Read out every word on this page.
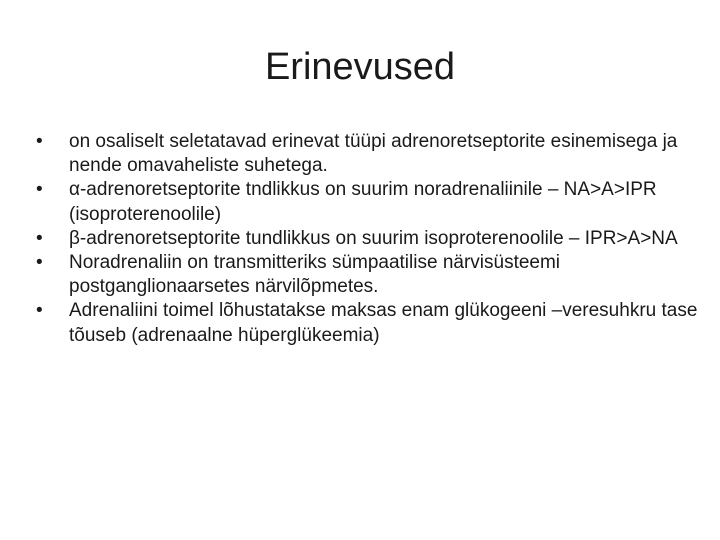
Erinevused
•	on osaliselt seletatavad erinevat tüüpi adrenoretseptorite esinemisega ja nende omavaheliste suhetega.
•	α-adrenoretseptorite tndlikkus on suurim noradrenaliinile – NA>A>IPR (isoproterenoolile)
•	β-adrenoretseptorite tundlikkus on suurim isoproterenoolile – IPR>A>NA
•	Noradrenaliin on transmitteriks sümpaatilise närvisüsteemi postganglionaarsetes närvilõpmetes.
•	Adrenaliini toimel lõhustatakse maksas enam glükogeeni –veresuhkru tase tõuseb (adrenaalne hüperglükeemia)
